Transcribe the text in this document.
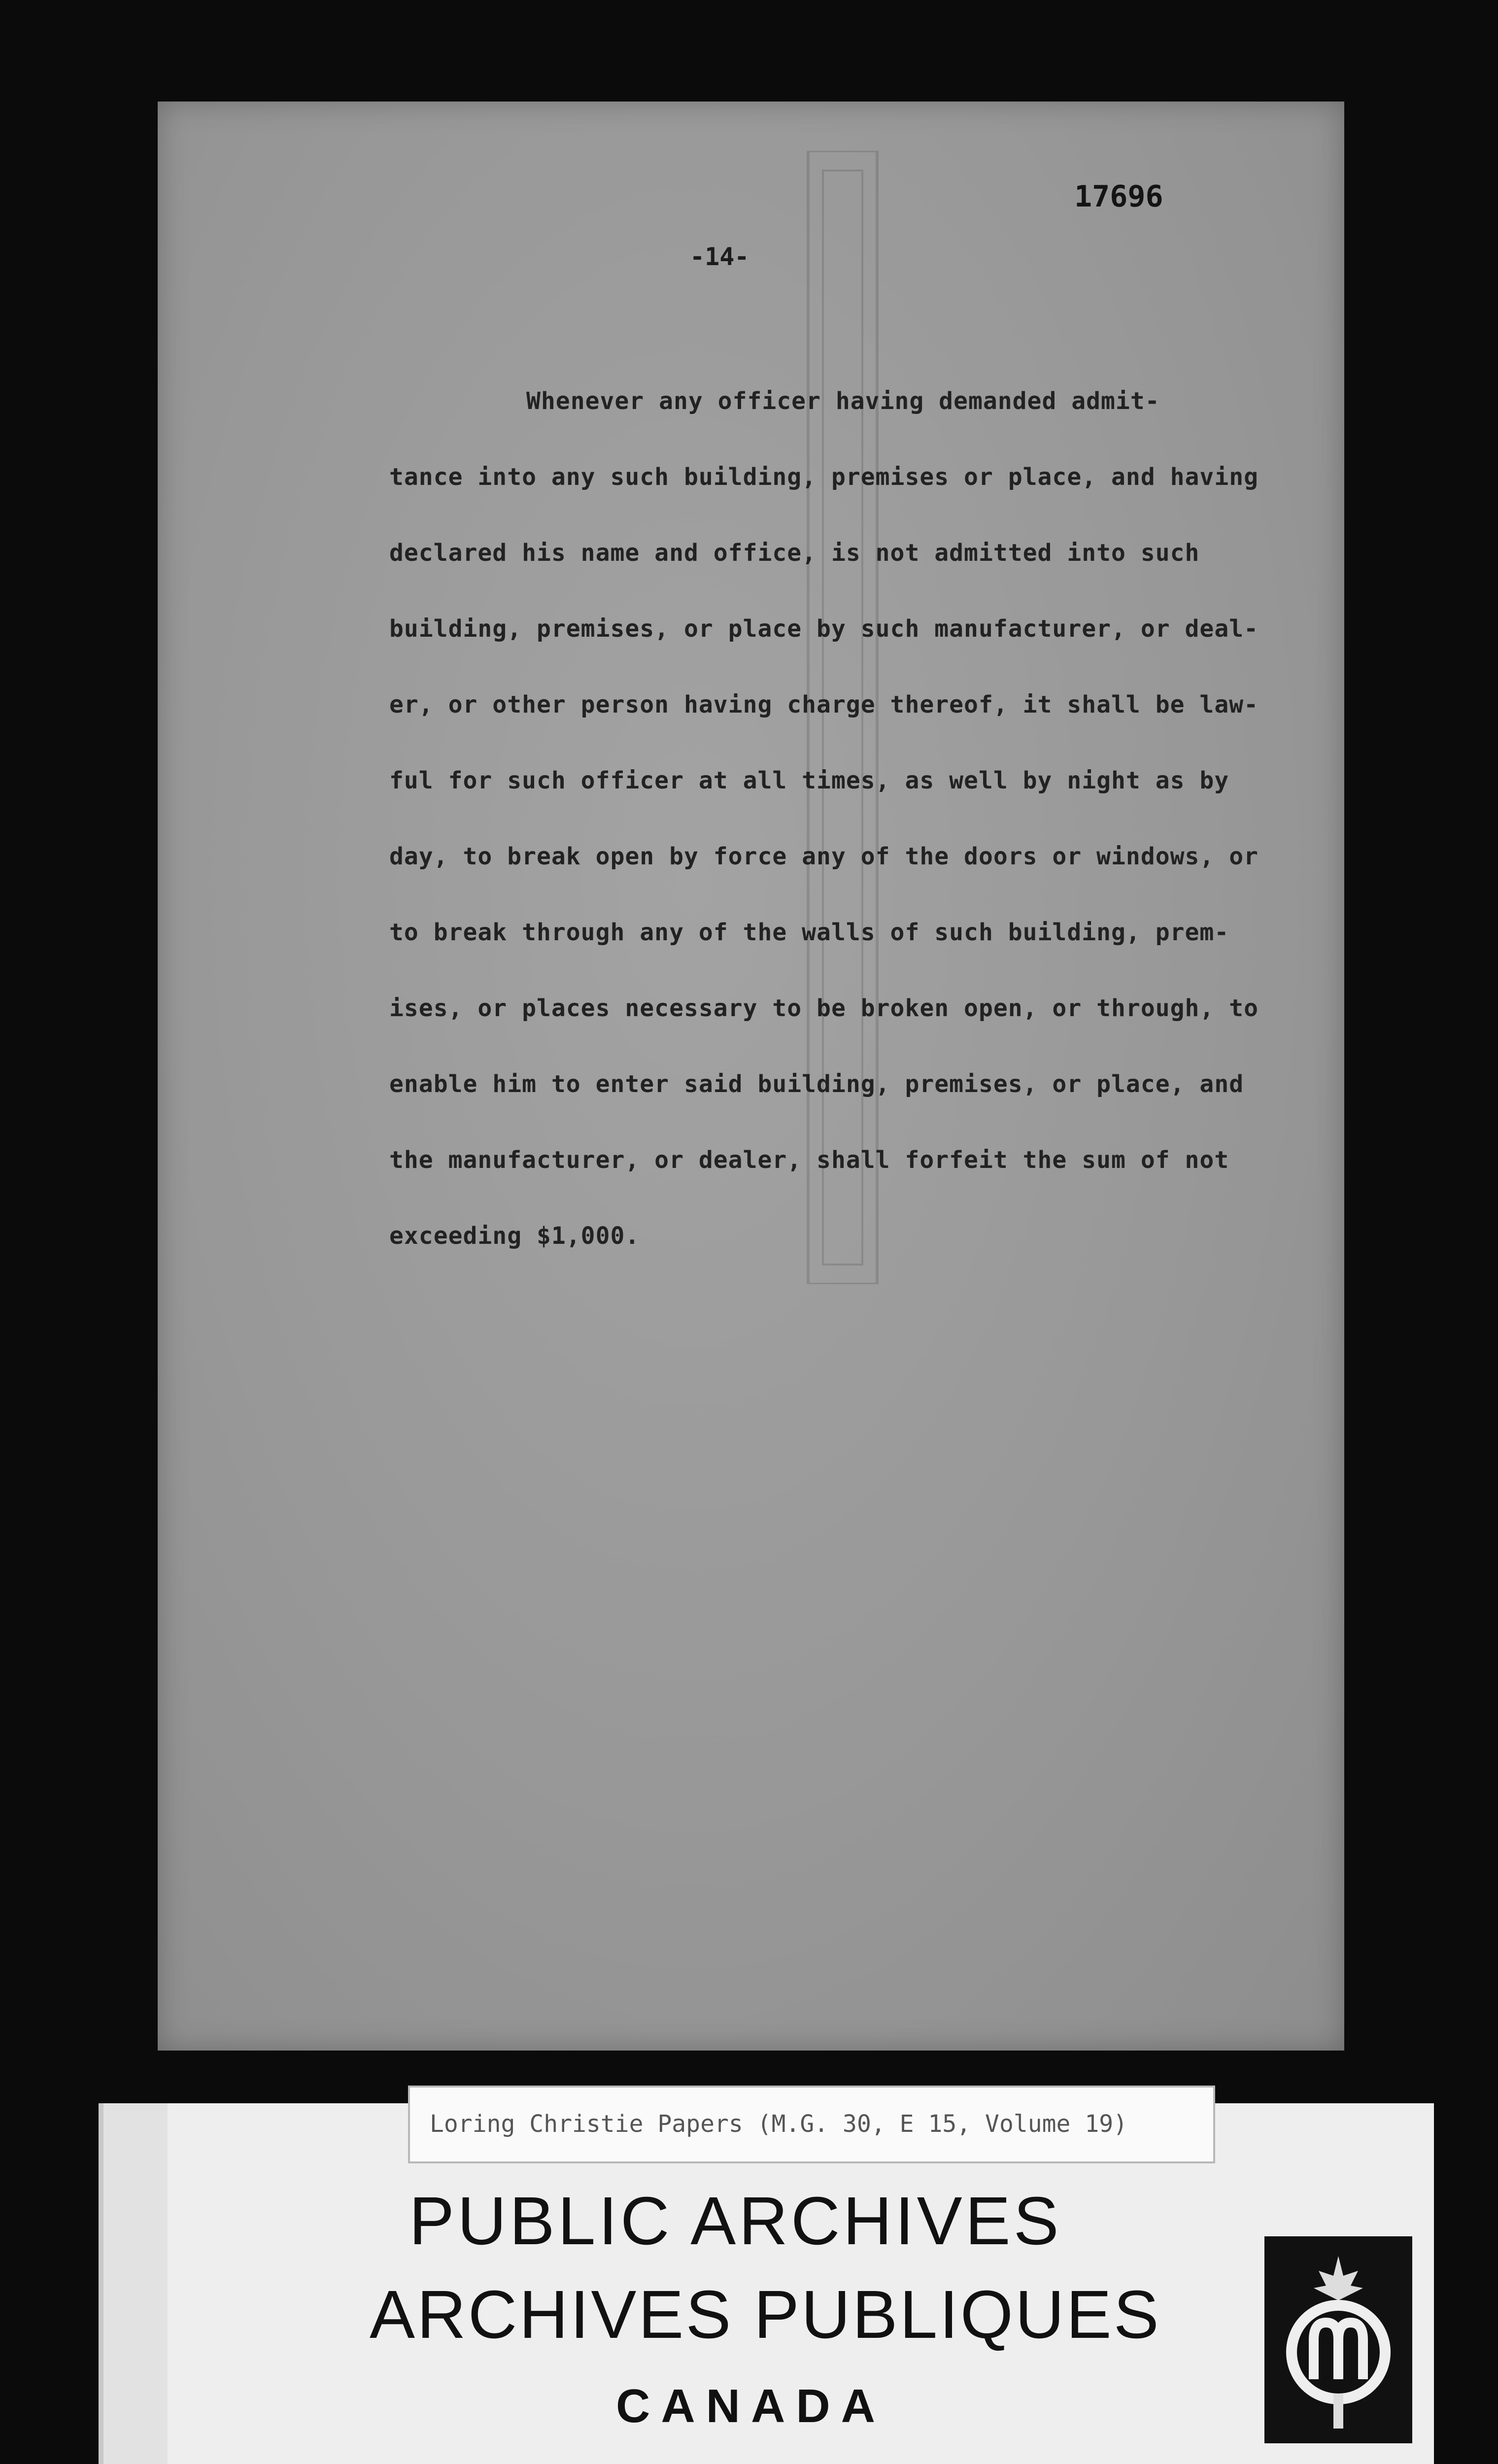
17696
-14-
Whenever any officer having demanded admit-
tance into any such building, premises or place, and having
declared his name and office, is not admitted into such
building, premises, or place by such manufacturer, or deal-
er, or other person having charge thereof, it shall be law-
ful for such officer at all times, as well by night as by
day, to break open by force any of the doors or windows, or
to break through any of the walls of such building, prem-
ises, or places necessary to be broken open, or through, to
enable him to enter said building, premises, or place, and
the manufacturer, or dealer, shall forfeit the sum of not
exceeding $1,000.
Loring Christie Papers (M.G. 30, E 15, Volume 19)
PUBLIC ARCHIVES
ARCHIVES PUBLIQUES
CANADA
